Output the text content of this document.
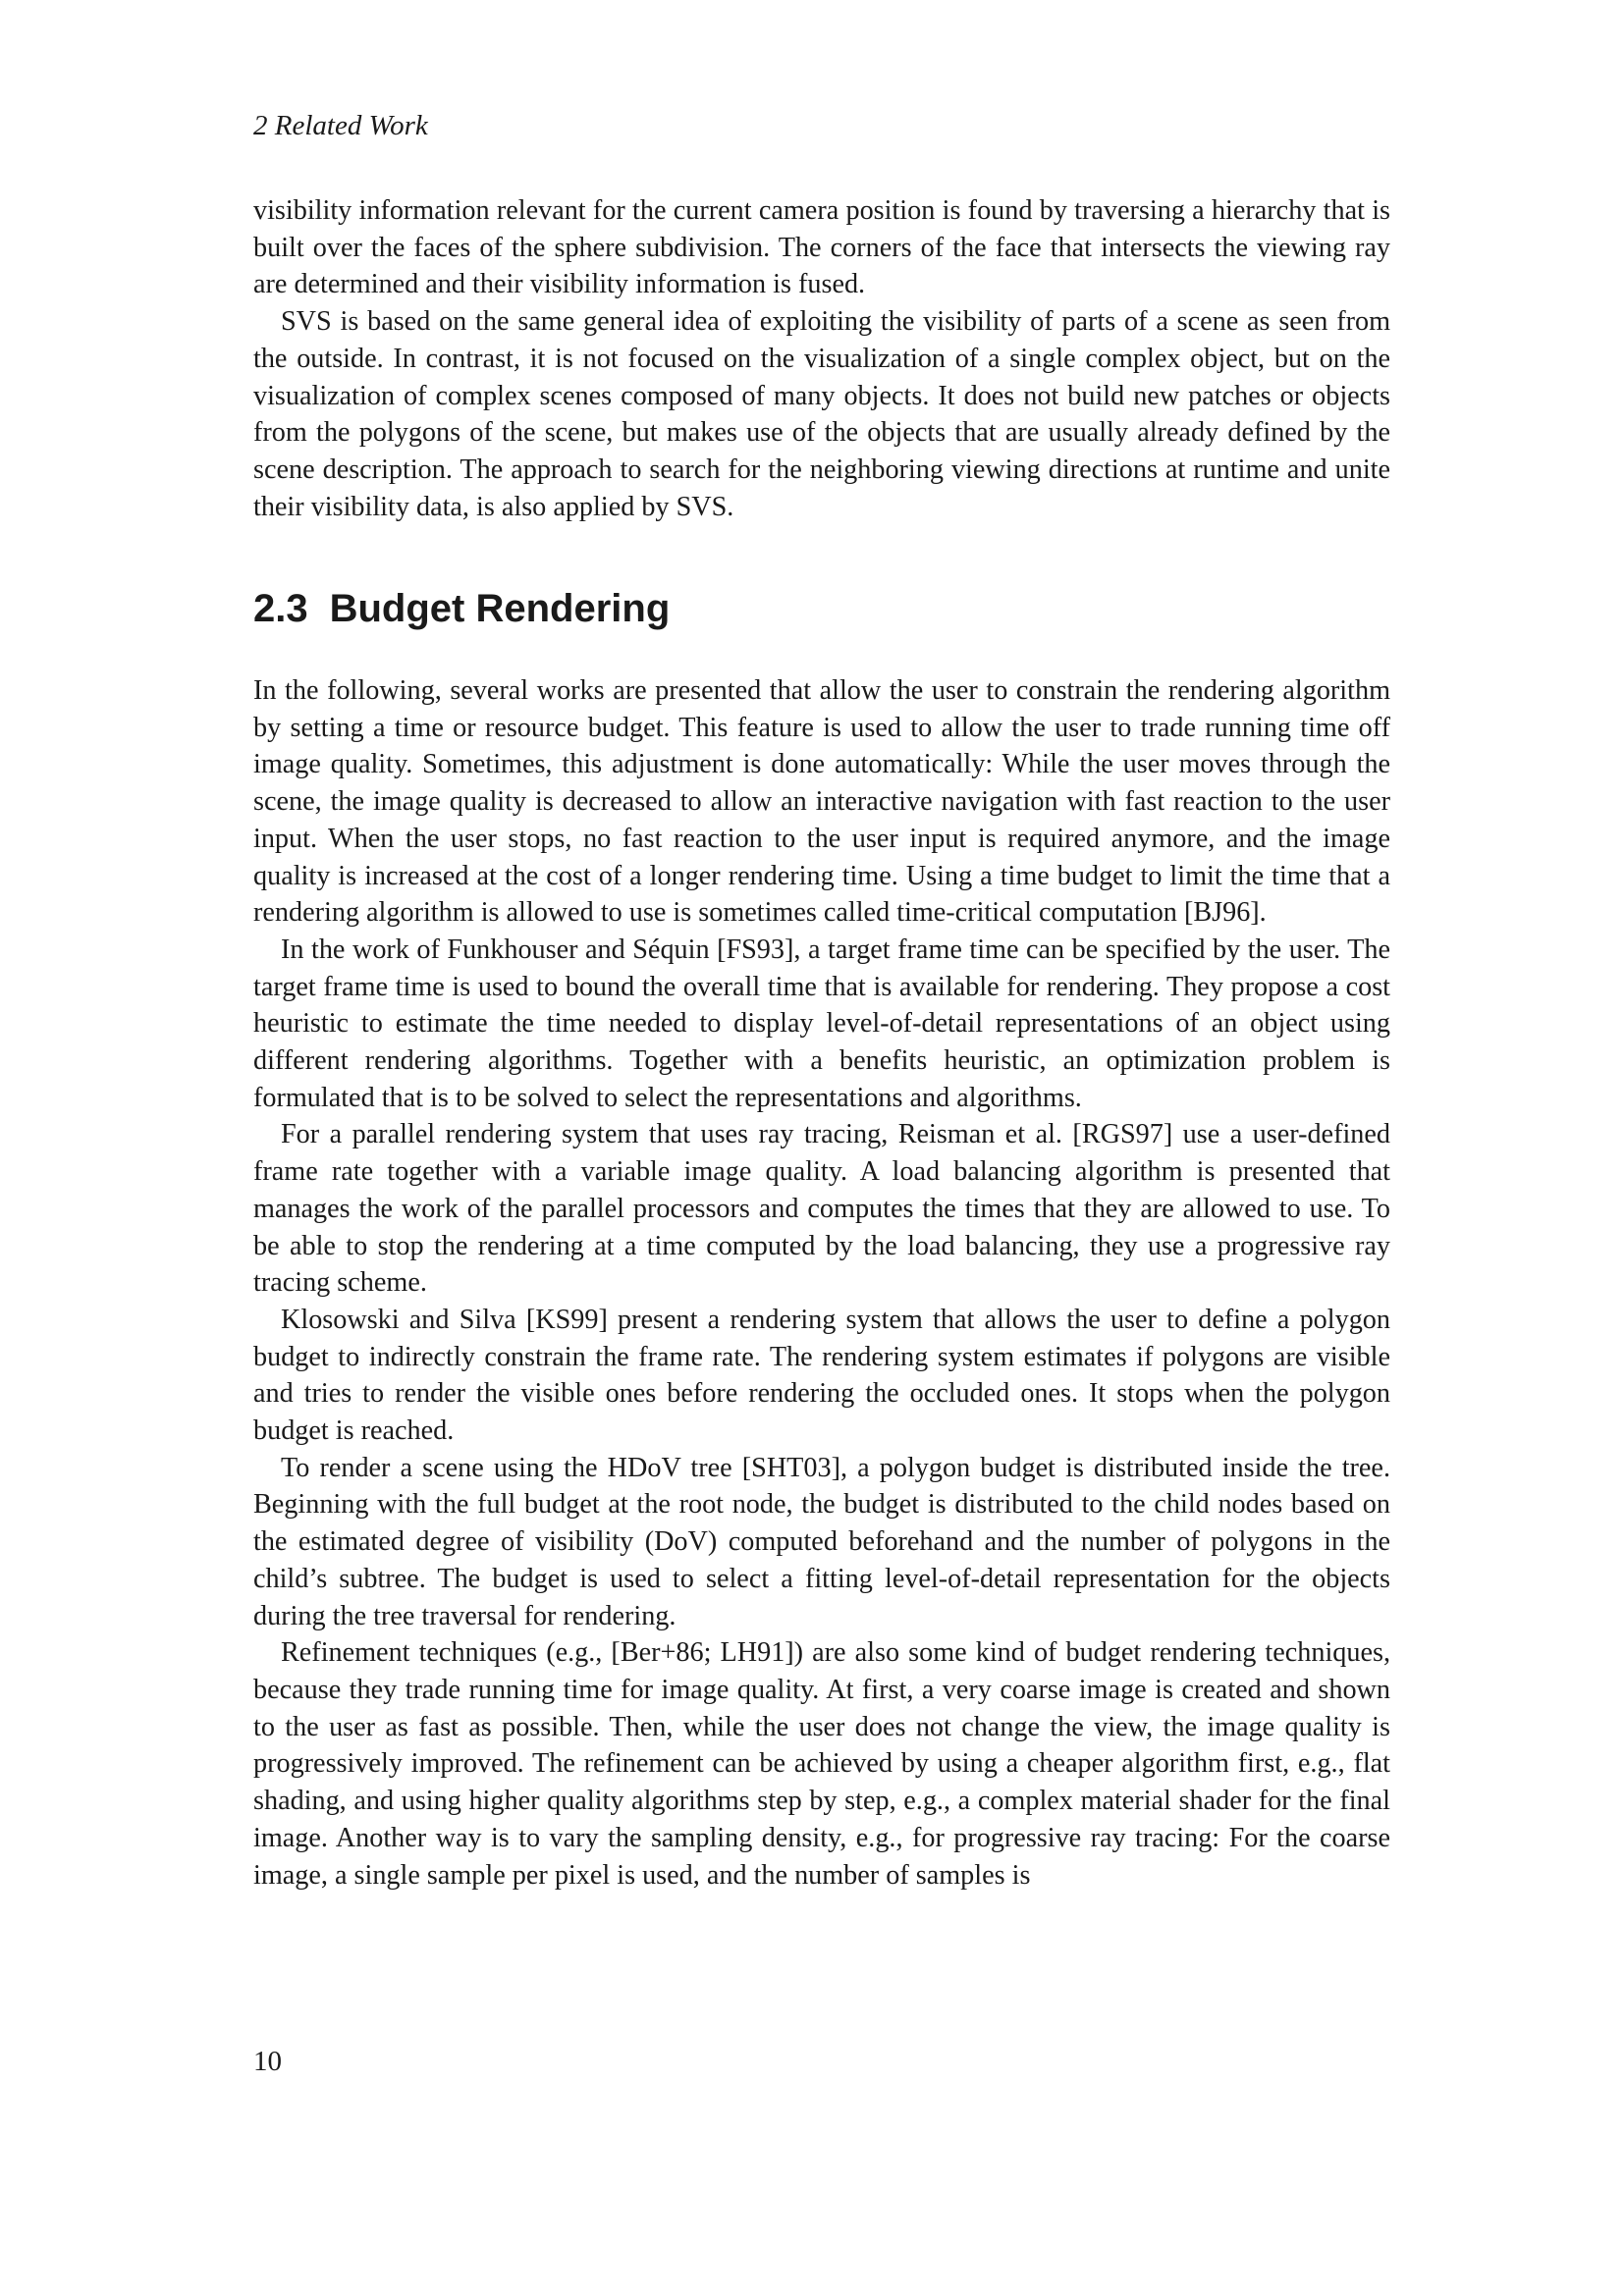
2 Related Work

visibility information relevant for the current camera position is found by traversing a hierarchy that is built over the faces of the sphere subdivision. The corners of the face that intersects the viewing ray are determined and their visibility information is fused.

SVS is based on the same general idea of exploiting the visibility of parts of a scene as seen from the outside. In contrast, it is not focused on the visualization of a single complex object, but on the visualization of complex scenes composed of many objects. It does not build new patches or objects from the polygons of the scene, but makes use of the objects that are usually already defined by the scene description. The approach to search for the neighboring viewing directions at runtime and unite their visibility data, is also applied by SVS.

2.3 Budget Rendering

In the following, several works are presented that allow the user to constrain the rendering algorithm by setting a time or resource budget. This feature is used to allow the user to trade running time off image quality. Sometimes, this adjustment is done automatically: While the user moves through the scene, the image quality is decreased to allow an interactive navigation with fast reaction to the user input. When the user stops, no fast reaction to the user input is required anymore, and the image quality is increased at the cost of a longer rendering time. Using a time budget to limit the time that a rendering algorithm is allowed to use is sometimes called time-critical computation [BJ96].

In the work of Funkhouser and Séquin [FS93], a target frame time can be specified by the user. The target frame time is used to bound the overall time that is available for rendering. They propose a cost heuristic to estimate the time needed to display level-of-detail representations of an object using different rendering algorithms. Together with a benefits heuristic, an optimization problem is formulated that is to be solved to select the representations and algorithms.

For a parallel rendering system that uses ray tracing, Reisman et al. [RGS97] use a user-defined frame rate together with a variable image quality. A load balancing algorithm is presented that manages the work of the parallel processors and computes the times that they are allowed to use. To be able to stop the rendering at a time computed by the load balancing, they use a progressive ray tracing scheme.

Klosowski and Silva [KS99] present a rendering system that allows the user to define a polygon budget to indirectly constrain the frame rate. The rendering system estimates if polygons are visible and tries to render the visible ones before rendering the occluded ones. It stops when the polygon budget is reached.

To render a scene using the HDoV tree [SHT03], a polygon budget is distributed inside the tree. Beginning with the full budget at the root node, the budget is distributed to the child nodes based on the estimated degree of visibility (DoV) computed beforehand and the number of polygons in the child’s subtree. The budget is used to select a fitting level-of-detail representation for the objects during the tree traversal for rendering.

Refinement techniques (e.g., [Ber+86; LH91]) are also some kind of budget rendering techniques, because they trade running time for image quality. At first, a very coarse image is created and shown to the user as fast as possible. Then, while the user does not change the view, the image quality is progressively improved. The refinement can be achieved by using a cheaper algorithm first, e.g., flat shading, and using higher quality algorithms step by step, e.g., a complex material shader for the final image. Another way is to vary the sampling density, e.g., for progressive ray tracing: For the coarse image, a single sample per pixel is used, and the number of samples is

10
